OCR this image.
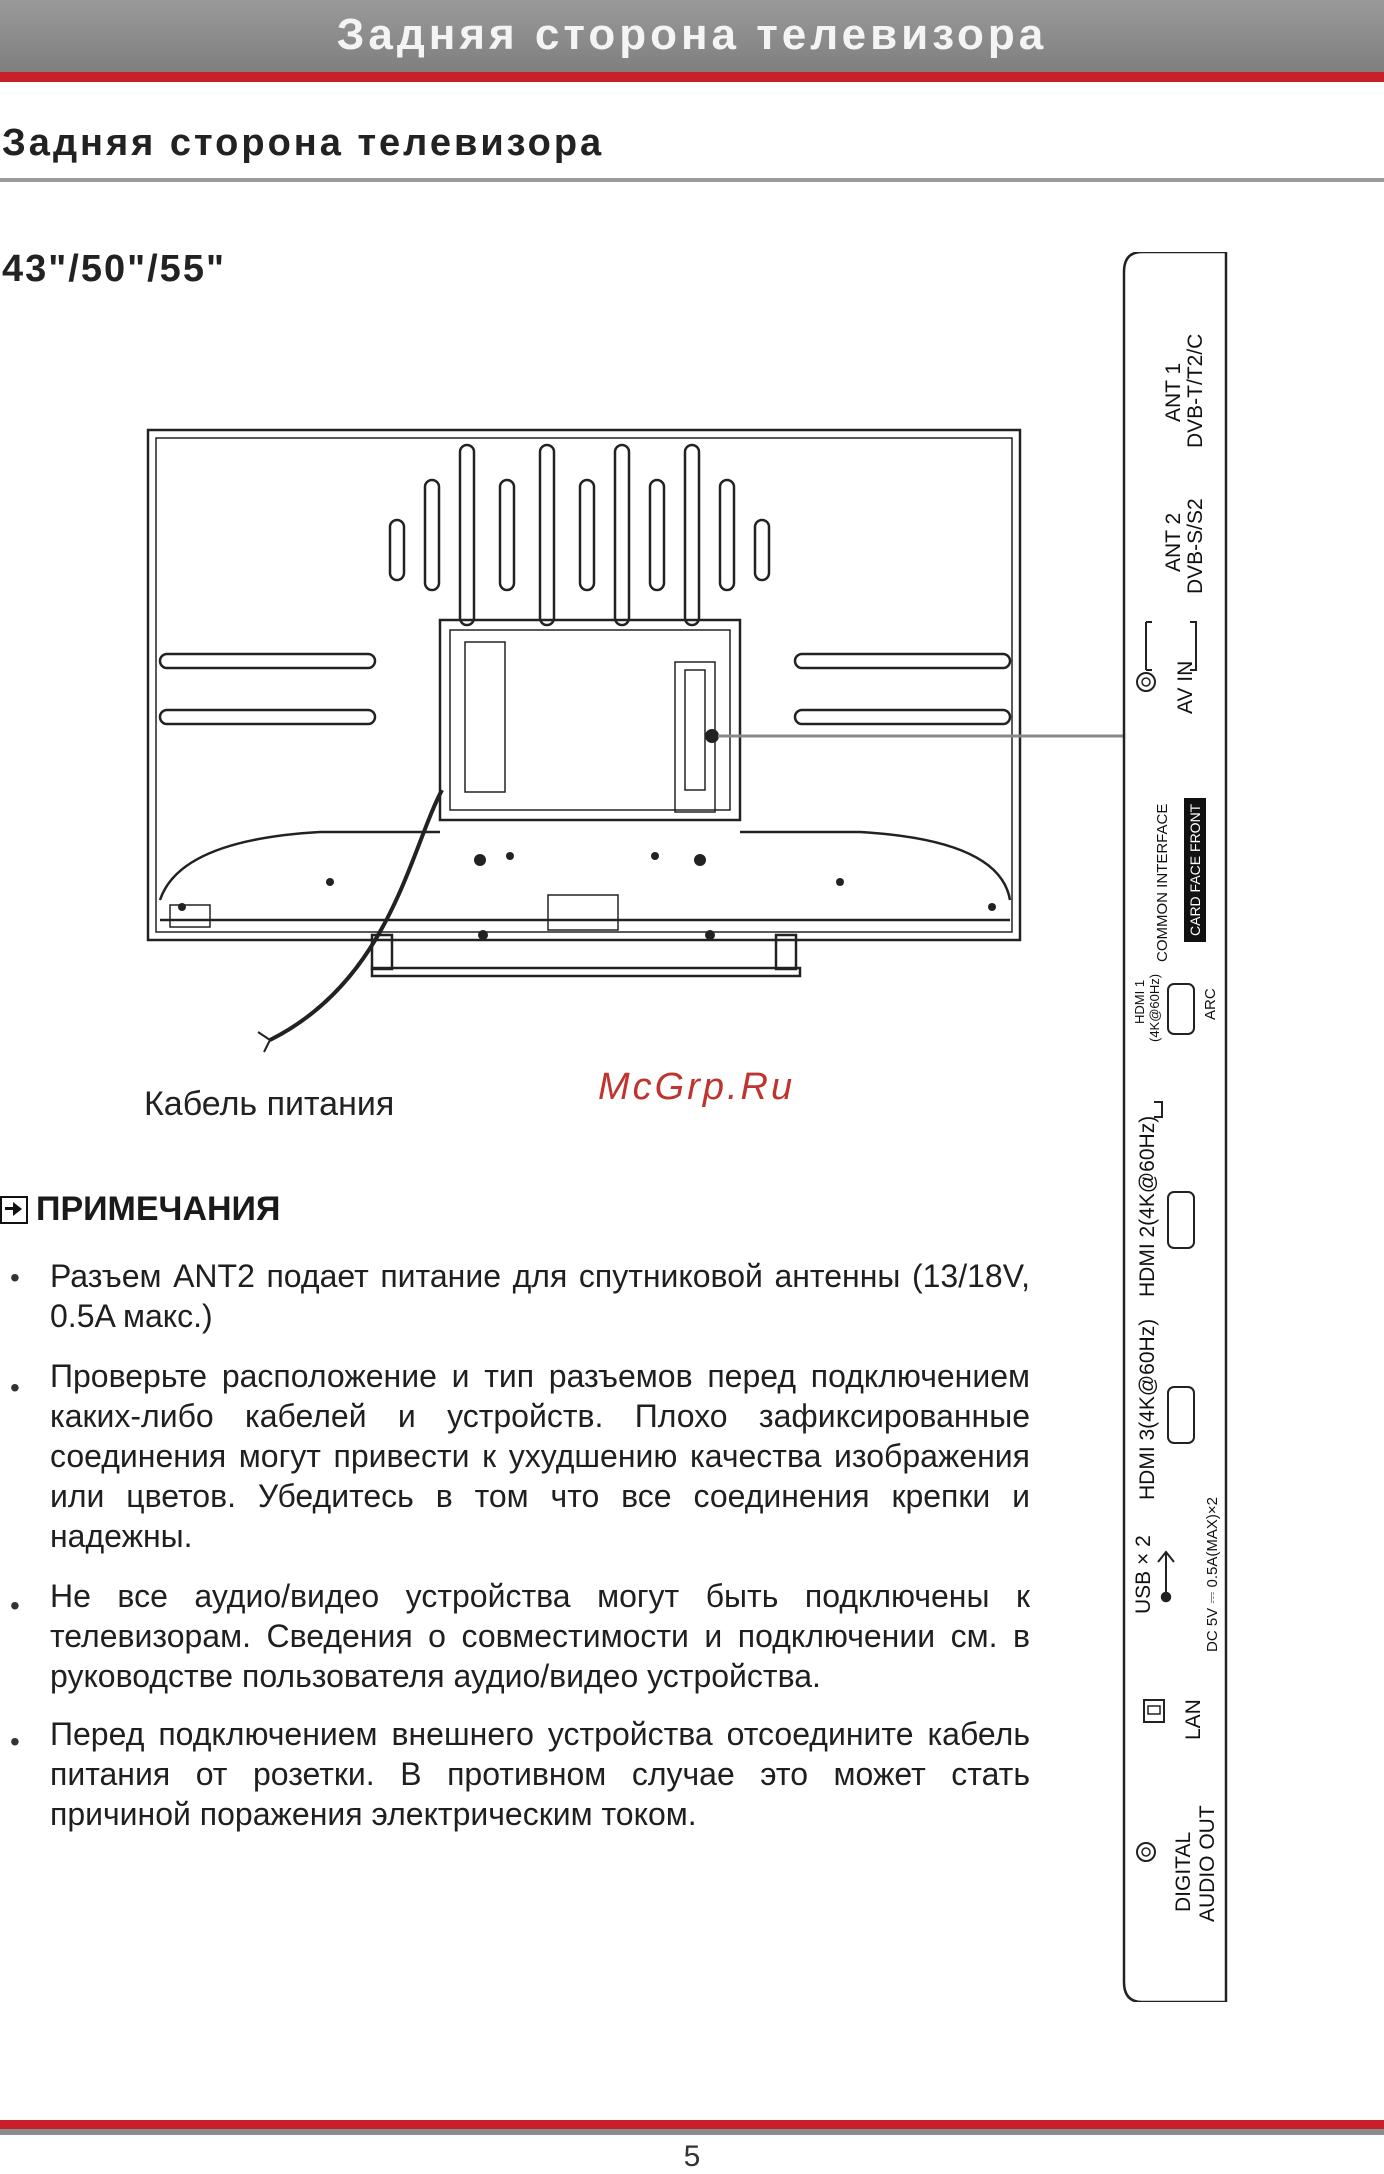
Задняя сторона телевизора
Задняя сторона телевизора
43"/50"/55"
Кабель питания	McGrp.Ru
ANT 1 DVB-T/T2/C
ANT 2 DVB-S/S2
AV IN
COMMON INTERFACE CARD FACE FRONT
HDMI 1 (4K@60Hz)	ARC
HDMI 2(4K@60Hz)
HDMI 3(4K@60Hz)
USB × 2	DC 5V ⎓ 0.5A(MAX)×2
LAN
DIGITAL AUDIO OUT
ПРИМЕЧАНИЯ
• Разъем ANT2 подает питание для спутниковой антенны (13/18V, 0.5A макс.)
• Проверьте расположение и тип разъемов перед подключением каких-либо кабелей и устройств. Плохо зафиксированные соединения могут привести к ухудшению качества изображения или цветов. Убедитесь в том что все соединения крепки и надежны.
• Не все аудио/видео устройства могут быть подключены к телевизорам. Сведения о совместимости и подключении см. в руководстве пользователя аудио/видео устройства.
• Перед подключением внешнего устройства отсоедините кабель питания от розетки. В противном случае это может стать причиной поражения электрическим током.
5
